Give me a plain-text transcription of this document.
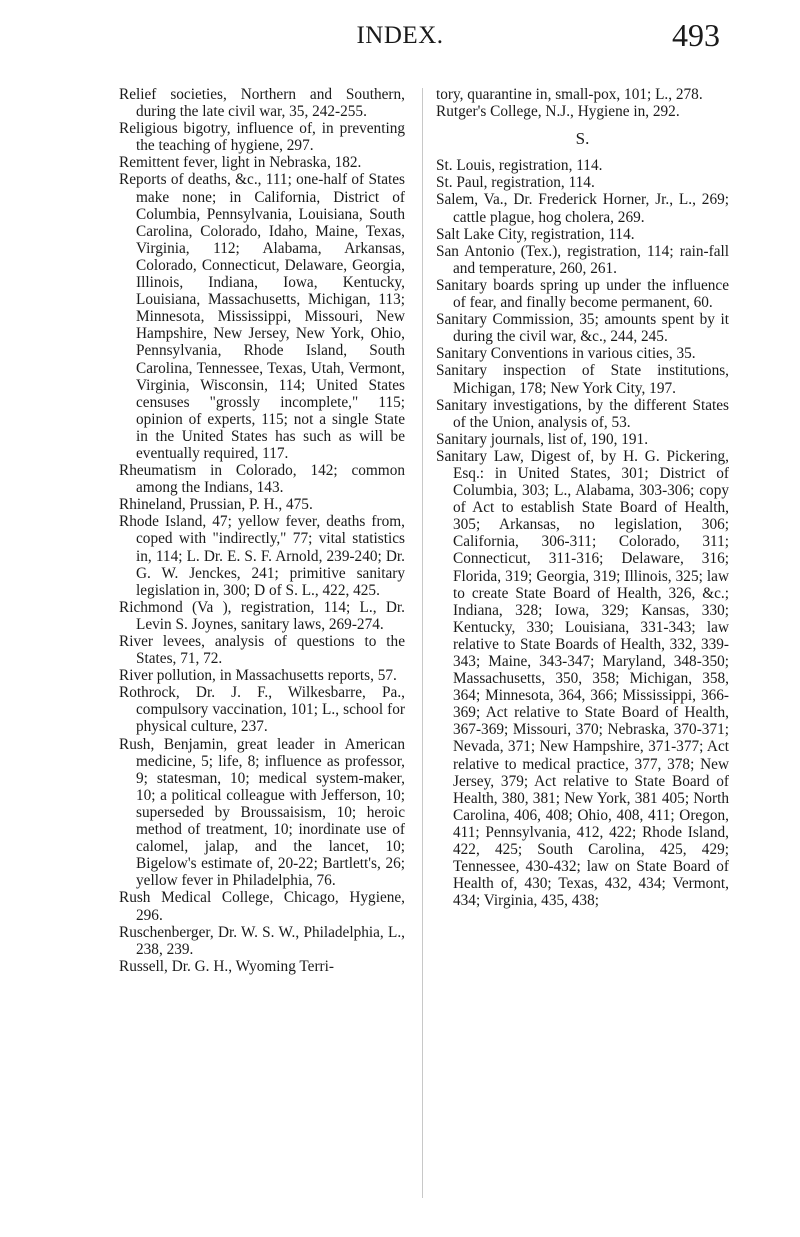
INDEX.	493

Relief societies, Northern and Southern, during the late civil war, 35, 242-255.

Religious bigotry, influence of, in preventing the teaching of hygiene, 297.

Remittent fever, light in Nebraska, 182.

Reports of deaths, &c., 111; one-half of States make none; in California, District of Columbia, Pennsylvania, Louisiana, South Carolina, Colorado, Idaho, Maine, Texas, Virginia, 112; Alabama, Arkansas, Colorado, Connecticut, Delaware, Georgia, Illinois, Indiana, Iowa, Kentucky, Louisiana, Massachusetts, Michigan, 113; Minnesota, Mississippi, Missouri, New Hampshire, New Jersey, New York, Ohio, Pennsylvania, Rhode Island, South Carolina, Tennessee, Texas, Utah, Vermont, Virginia, Wisconsin, 114; United States censuses "grossly incomplete," 115; opinion of experts, 115; not a single State in the United States has such as will be eventually required, 117.

Rheumatism in Colorado, 142; common among the Indians, 143.

Rhineland, Prussian, P. H., 475.

Rhode Island, 47; yellow fever, deaths from, coped with "indirectly," 77; vital statistics in, 114; L. Dr. E. S. F. Arnold, 239-240; Dr. G. W. Jenckes, 241; primitive sanitary legislation in, 300; D of S. L., 422, 425.

Richmond (Va ), registration, 114; L., Dr. Levin S. Joynes, sanitary laws, 269-274.

River levees, analysis of questions to the States, 71, 72.

River pollution, in Massachusetts reports, 57.

Rothrock, Dr. J. F., Wilkesbarre, Pa., compulsory vaccination, 101; L., school for physical culture, 237.

Rush, Benjamin, great leader in American medicine, 5; life, 8; influence as professor, 9; statesman, 10; medical system-maker, 10; a political colleague with Jefferson, 10; superseded by Broussaisism, 10; heroic method of treatment, 10; inordinate use of calomel, jalap, and the lancet, 10; Bigelow's estimate of, 20-22; Bartlett's, 26; yellow fever in Philadelphia, 76.

Rush Medical College, Chicago, Hygiene, 296.

Ruschenberger, Dr. W. S. W., Philadelphia, L., 238, 239.

Russell, Dr. G. H., Wyoming Terri-

tory, quarantine in, small-pox, 101; L., 278.

Rutger's College, N.J., Hygiene in, 292.

S.

St. Louis, registration, 114.

St. Paul, registration, 114.

Salem, Va., Dr. Frederick Horner, Jr., L., 269; cattle plague, hog cholera, 269.

Salt Lake City, registration, 114.

San Antonio (Tex.), registration, 114; rain-fall and temperature, 260, 261.

Sanitary boards spring up under the influence of fear, and finally become permanent, 60.

Sanitary Commission, 35; amounts spent by it during the civil war, &c., 244, 245.

Sanitary Conventions in various cities, 35.

Sanitary inspection of State institutions, Michigan, 178; New York City, 197.

Sanitary investigations, by the different States of the Union, analysis of, 53.

Sanitary journals, list of, 190, 191.

Sanitary Law, Digest of, by H. G. Pickering, Esq.: in United States, 301; District of Columbia, 303; L., Alabama, 303-306; copy of Act to establish State Board of Health, 305; Arkansas, no legislation, 306; California, 306-311; Colorado, 311; Connecticut, 311-316; Delaware, 316; Florida, 319; Georgia, 319; Illinois, 325; law to create State Board of Health, 326, &c.; Indiana, 328; Iowa, 329; Kansas, 330; Kentucky, 330; Louisiana, 331-343; law relative to State Boards of Health, 332, 339-343; Maine, 343-347; Maryland, 348-350; Massachusetts, 350, 358; Michigan, 358, 364; Minnesota, 364, 366; Mississippi, 366-369; Act relative to State Board of Health, 367-369; Missouri, 370; Nebraska, 370-371; Nevada, 371; New Hampshire, 371-377; Act relative to medical practice, 377, 378; New Jersey, 379; Act relative to State Board of Health, 380, 381; New York, 381 405; North Carolina, 406, 408; Ohio, 408, 411; Oregon, 411; Pennsylvania, 412, 422; Rhode Island, 422, 425; South Carolina, 425, 429; Tennessee, 430-432; law on State Board of Health of, 430; Texas, 432, 434; Vermont, 434; Virginia, 435, 438;
